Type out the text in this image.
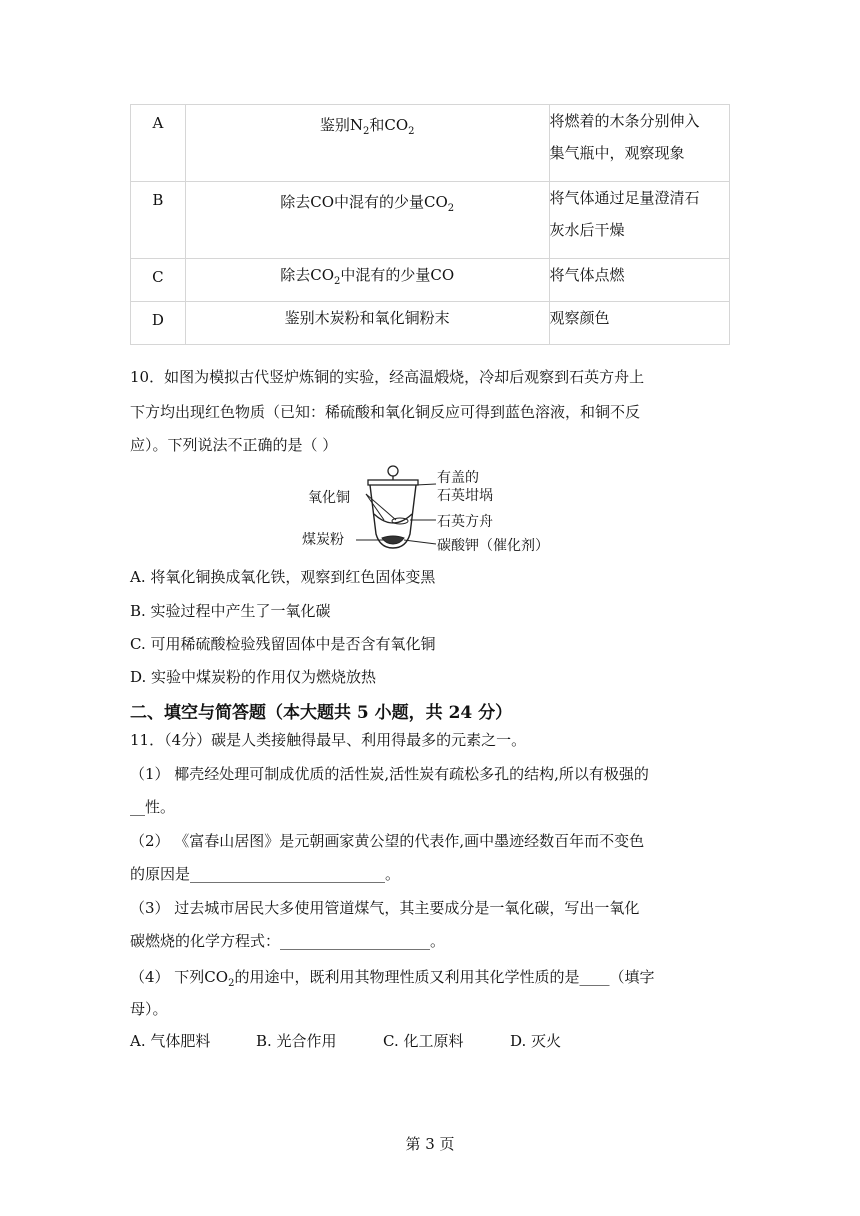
A	鉴别$N_2$和$CO_2$	将燃着的木条分别伸入
集气瓶中，观察现象

B	除去CO中混有的少量$CO_2$	将气体通过足量澄清石
灰水后干燥

C	除去$CO_2$中混有的少量CO	将气体点燃

D	鉴别木炭粉和氧化铜粉末	观察颜色
10．如图为模拟古代竖炉炼铜的实验，经高温煅烧，冷却后观察到石英方舟上
下方均出现红色物质（已知：稀硫酸和氧化铜反应可得到蓝色溶液，和铜不反
应）。下列说法不正确的是（ ）
有盖的
石英坩埚
石英方舟
碳酸钾（催化剂）
氧化铜
煤炭粉
A. 将氧化铜换成氧化铁，观察到红色固体变黑
B. 实验过程中产生了一氧化碳
C. 可用稀硫酸检验残留固体中是否含有氧化铜
D. 实验中煤炭粉的作用仅为燃烧放热
二、填空与简答题（本大题共 5 小题，共 24 分）
11．（4分）碳是人类接触得最早、利用得最多的元素之一。
（1） 椰壳经处理可制成优质的活性炭,活性炭有疏松多孔的结构,所以有极强的
__性。
（2） 《富春山居图》是元朝画家黄公望的代表作,画中墨迹经数百年而不变色
的原因是__________________________。
（3） 过去城市居民大多使用管道煤气，其主要成分是一氧化碳，写出一氧化
碳燃烧的化学方程式：____________________。
（4） 下列$CO_2$的用途中，既利用其物理性质又利用其化学性质的是____（填字
母）。
A. 气体肥料	B. 光合作用	C. 化工原料	D. 灭火
第 3 页
